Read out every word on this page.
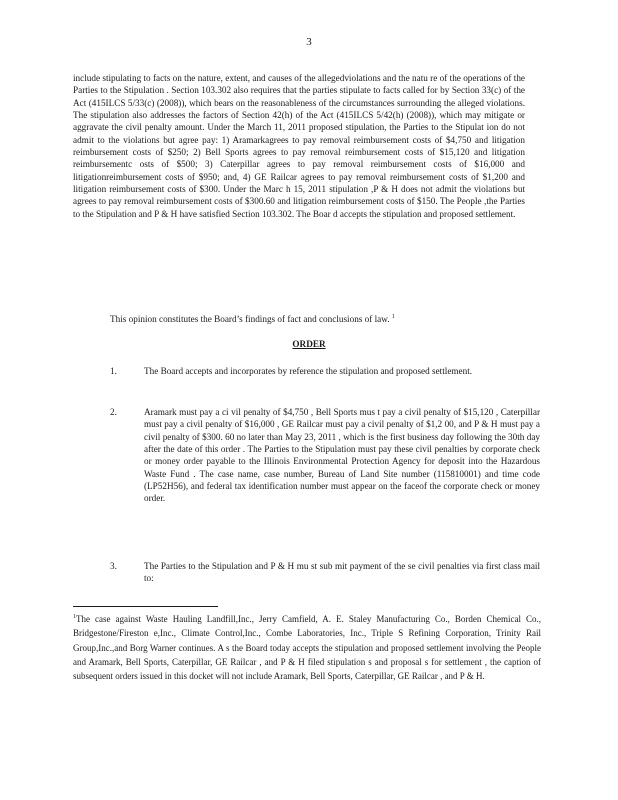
3

include stipulating to facts on the nature, extent, and causes of the allegedviolations and the natu re of the operations of the Parties to the Stipulation . Section 103.302 also requires that the parties stipulate to facts called for by Section 33(c) of the Act (415ILCS 5/33(c) (2008)), which bears on the reasonableness of the circumstances surrounding the alleged violations. The stipulation also addresses the factors of Section 42(h) of the Act (415ILCS 5/42(h) (2008)), which may mitigate or aggravate the civil penalty amount. Under the March 11, 2011 proposed stipulation, the Parties to the Stipulat ion do not admit to the violations but agree pay: 1) Aramarkagrees to pay removal reimbursement costs of $4,750 and litigation reimbursement costs of $250; 2) Bell Sports agrees to pay removal reimbursement costs of $15,120 and litigation reimbursementc osts of $500; 3) Caterpillar agrees to pay removal reimbursement costs of $16,000 and litigationreimbursement costs of $950; and, 4) GE Railcar agrees to pay removal reimbursement costs of $1,200 and litigation reimbursement costs of $300. Under the Marc h 15, 2011 stipulation ,P & H does not admit the violations but agrees to pay removal reimbursement costs of $300.60 and litigation reimbursement costs of $150. The People ,the Parties to the Stipulation and P & H have satisfied Section 103.302. The Boar d accepts the stipulation and proposed settlement.

This opinion constitutes the Board’s findings of fact and conclusions of law. $^1$

ORDER

1.	The Board accepts and incorporates by reference the stipulation and proposed settlement.
2.	Aramark must pay a ci vil penalty of $4,750 , Bell Sports mus t pay a civil penalty of $15,120 , Caterpillar must pay a civil penalty of $16,000 , GE Railcar must pay a civil penalty of $1,2 00, and P & H must pay a civil penalty of $300. 60 no later than May 23, 2011 , which is the first business day following the 30th day after the date of this order . The Parties to the Stipulation must pay these civil penalties by corporate check or money order payable to the Illinois Environmental Protection Agency for deposit into the Hazardous Waste Fund . The case name, case number, Bureau of Land Site number (115810001) and time code (LP52H56), and federal tax identification number must appear on the faceof the corporate check or money order.
3.	The Parties to the Stipulation and P & H mu st sub mit payment of the se civil penalties via first class mail to:

$^1$The case against Waste Hauling Landfill,Inc., Jerry Camfield, A. E. Staley Manufacturing Co., Borden Chemical Co., Bridgestone/Fireston e,Inc., Climate Control,Inc., Combe Laboratories, Inc., Triple S Refining Corporation, Trinity Rail Group,Inc.,and Borg Warner continues. A s the Board today accepts the stipulation and proposed settlement involving the People and Aramark, Bell Sports, Caterpillar, GE Railcar , and P & H filed stipulation s and proposal s for settlement , the caption of subsequent orders issued in this docket will not include Aramark, Bell Sports, Caterpillar, GE Railcar , and P & H.
